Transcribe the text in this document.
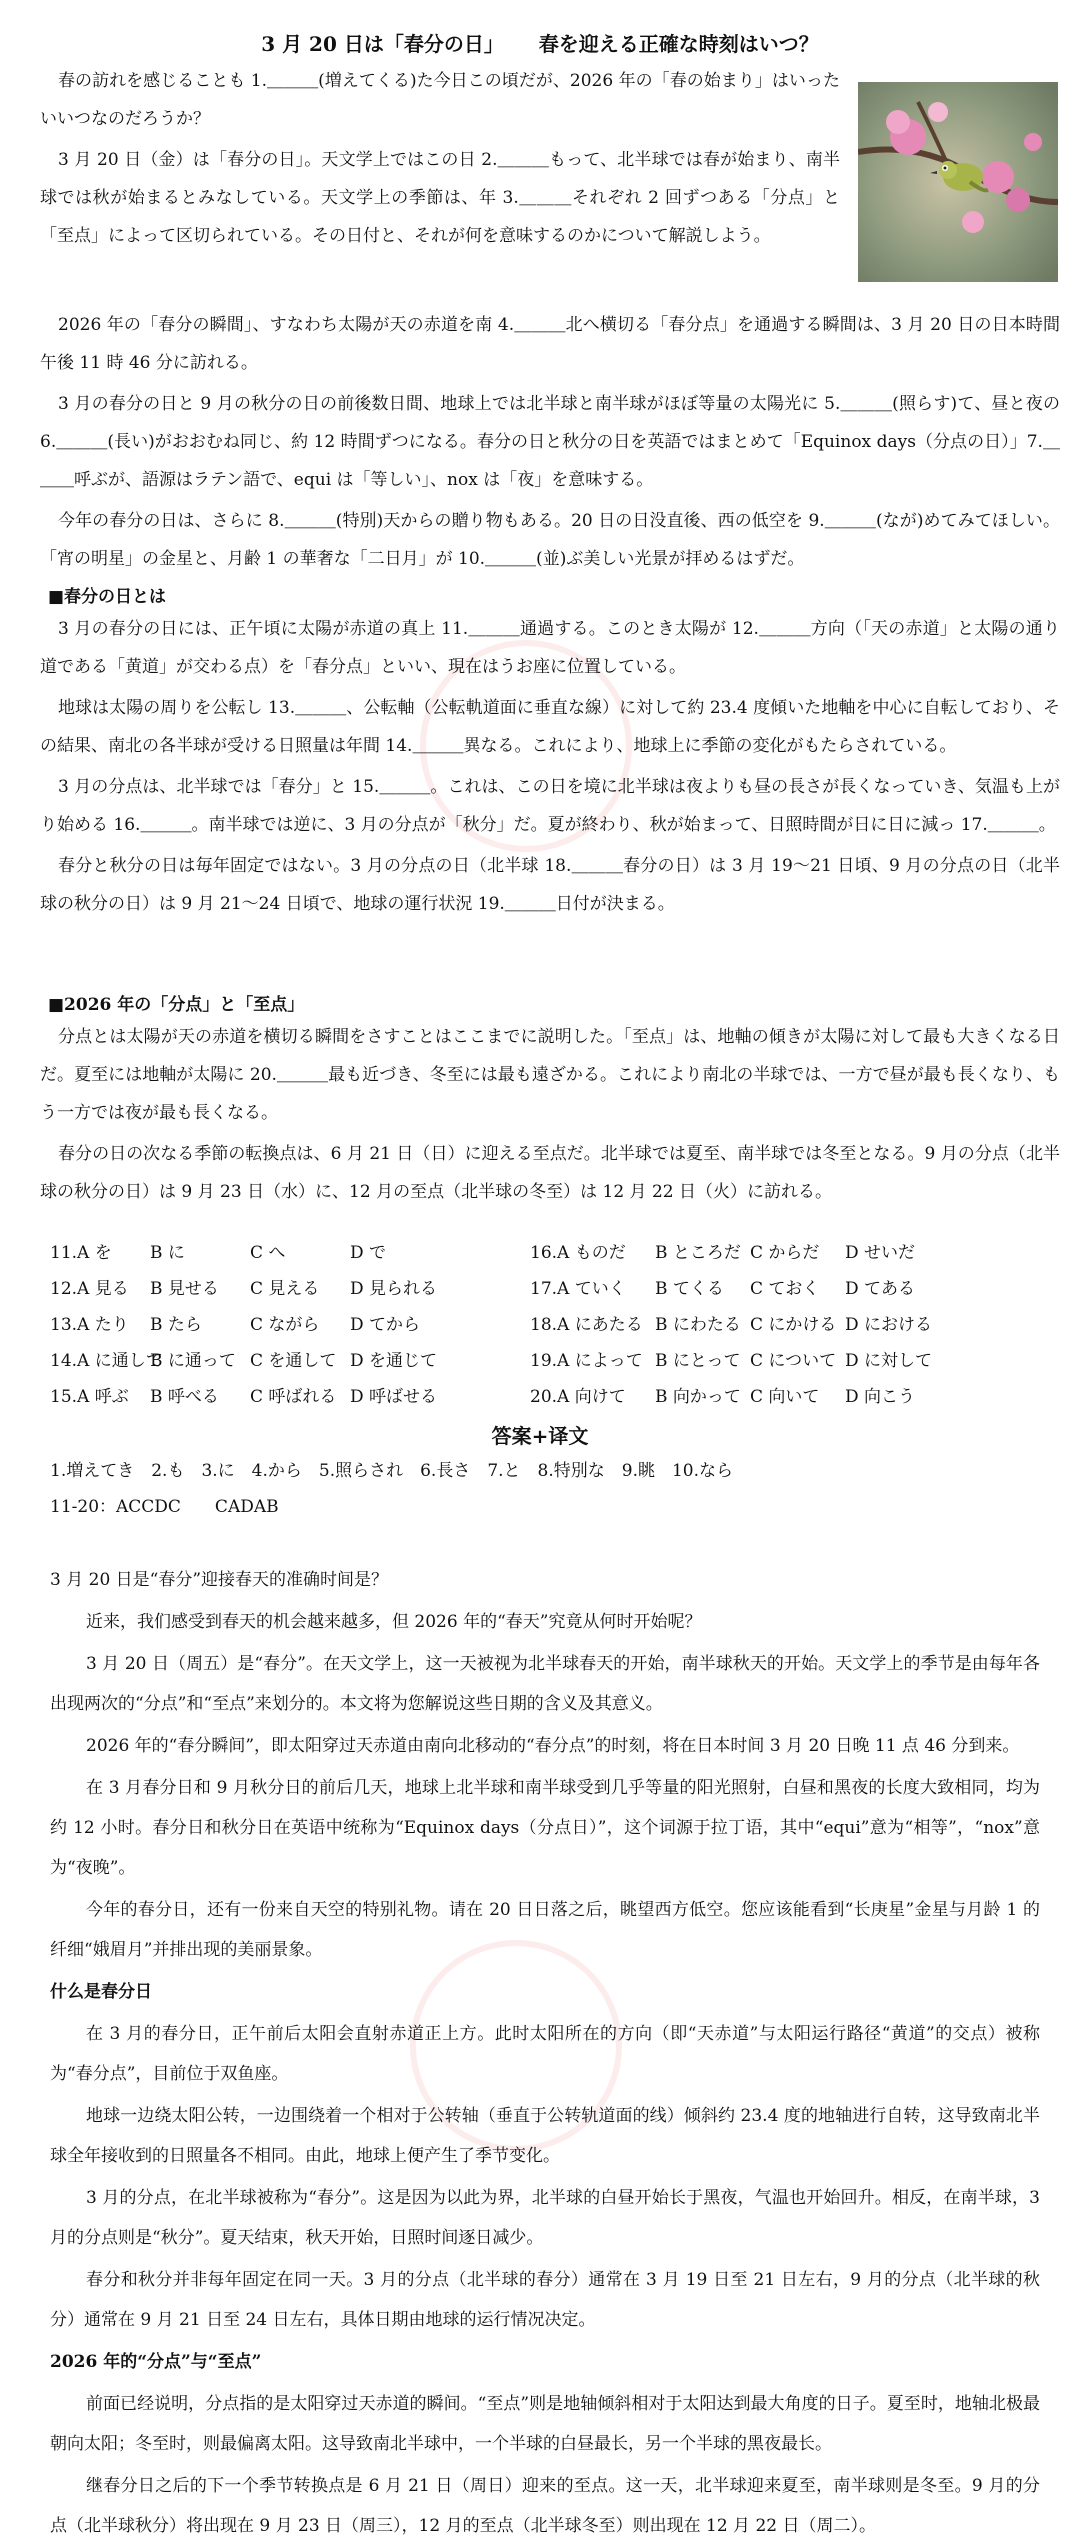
3 月 20 日は「春分の日」 春を迎える正確な時刻はいつ？

春の訪れを感じることも 1.＿＿＿(増えてくる)た今日この頃だが、2026 年の「春の始まり」はいったいいつなのだろうか？

3 月 20 日（金）は「春分の日」。天文学上ではこの日 2.＿＿＿もって、北半球では春が始まり、南半球では秋が始まるとみなしている。天文学上の季節は、年 3.＿＿＿それぞれ 2 回ずつある「分点」と「至点」によって区切られている。その日付と、それが何を意味するのかについて解説しよう。

2026 年の「春分の瞬間」、すなわち太陽が天の赤道を南 4.＿＿＿北へ横切る「春分点」を通過する瞬間は、3 月 20 日の日本時間午後 11 時 46 分に訪れる。

3 月の春分の日と 9 月の秋分の日の前後数日間、地球上では北半球と南半球がほぼ等量の太陽光に 5.＿＿＿(照らす)て、昼と夜の 6.＿＿＿(長い)がおおむね同じ、約 12 時間ずつになる。春分の日と秋分の日を英語ではまとめて「Equinox days（分点の日）」7.＿＿＿呼ぶが、語源はラテン語で、equi は「等しい」、nox は「夜」を意味する。

今年の春分の日は、さらに 8.＿＿＿(特別)天からの贈り物もある。20 日の日没直後、西の低空を 9.＿＿＿(なが)めてみてほしい。「宵の明星」の金星と、月齢 1 の華奢な「二日月」が 10.＿＿＿(並)ぶ美しい光景が拝めるはずだ。

■春分の日とは

3 月の春分の日には、正午頃に太陽が赤道の真上 11.＿＿＿通過する。このとき太陽が 12.＿＿＿方向（「天の赤道」と太陽の通り道である「黄道」が交わる点）を「春分点」といい、現在はうお座に位置している。

地球は太陽の周りを公転し 13.＿＿＿、公転軸（公転軌道面に垂直な線）に対して約 23.4 度傾いた地軸を中心に自転しており、その結果、南北の各半球が受ける日照量は年間 14.＿＿＿異なる。これにより、地球上に季節の変化がもたらされている。

3 月の分点は、北半球では「春分」と 15.＿＿＿。これは、この日を境に北半球は夜よりも昼の長さが長くなっていき、気温も上がり始める 16.＿＿＿。南半球では逆に、3 月の分点が「秋分」だ。夏が終わり、秋が始まって、日照時間が日に日に減っ 17.＿＿＿。

春分と秋分の日は毎年固定ではない。3 月の分点の日（北半球 18.＿＿＿春分の日）は 3 月 19〜21 日頃、9 月の分点の日（北半球の秋分の日）は 9 月 21〜24 日頃で、地球の運行状況 19.＿＿＿日付が決まる。

■2026 年の「分点」と「至点」

分点とは太陽が天の赤道を横切る瞬間をさすことはここまでに説明した。「至点」は、地軸の傾きが太陽に対して最も大きくなる日だ。夏至には地軸が太陽に 20.＿＿＿最も近づき、冬至には最も遠ざかる。これにより南北の半球では、一方で昼が最も長くなり、もう一方では夜が最も長くなる。

春分の日の次なる季節の転換点は、6 月 21 日（日）に迎える至点だ。北半球では夏至、南半球では冬至となる。9 月の分点（北半球の秋分の日）は 9 月 23 日（水）に、12 月の至点（北半球の冬至）は 12 月 22 日（火）に訪れる。

11.A を B に	C へ	D で	16.A ものだ B ところだ C からだ D せいだ
12.A 見る B 見せる C 見える D 見られる	17.A ていく B てくる C ておく D てある
13.A たり B たら	C ながら D てから	18.A にあたる B にわたる C にかける D における
14.A に通してB に通って C を通して D を通じて	19.A によって B にとって C について D に対して
15.A 呼ぶ B 呼べる C 呼ばれる D 呼ばせる	20.A 向けて B 向かって C 向いて D 向こう
答案+译文
1.増えてき　2.も　3.に　4.から　5.照らされ　6.長さ　7.と　8.特別な　9.眺　10.なら
11-20：ACCDC　　CADAB

3 月 20 日是“春分”迎接春天的准确时间是？

近来，我们感受到春天的机会越来越多，但 2026 年的“春天”究竟从何时开始呢？

3 月 20 日（周五）是“春分”。在天文学上，这一天被视为北半球春天的开始，南半球秋天的开始。天文学上的季节是由每年各出现两次的“分点”和“至点”来划分的。本文将为您解说这些日期的含义及其意义。

2026 年的“春分瞬间”，即太阳穿过天赤道由南向北移动的“春分点”的时刻，将在日本时间 3 月 20 日晚 11 点 46 分到来。

在 3 月春分日和 9 月秋分日的前后几天，地球上北半球和南半球受到几乎等量的阳光照射，白昼和黑夜的长度大致相同，均为约 12 小时。春分日和秋分日在英语中统称为“Equinox days（分点日）”，这个词源于拉丁语，其中“equi”意为“相等”，“nox”意为“夜晚”。

今年的春分日，还有一份来自天空的特别礼物。请在 20 日日落之后，眺望西方低空。您应该能看到“长庚星”金星与月龄 1 的纤细“娥眉月”并排出现的美丽景象。

什么是春分日

在 3 月的春分日，正午前后太阳会直射赤道正上方。此时太阳所在的方向（即“天赤道”与太阳运行路径“黄道”的交点）被称为“春分点”，目前位于双鱼座。

地球一边绕太阳公转，一边围绕着一个相对于公转轴（垂直于公转轨道面的线）倾斜约 23.4 度的地轴进行自转，这导致南北半球全年接收到的日照量各不相同。由此，地球上便产生了季节变化。

3 月的分点，在北半球被称为“春分”。这是因为以此为界，北半球的白昼开始长于黑夜，气温也开始回升。相反，在南半球，3 月的分点则是“秋分”。夏天结束，秋天开始，日照时间逐日减少。

春分和秋分并非每年固定在同一天。3 月的分点（北半球的春分）通常在 3 月 19 日至 21 日左右，9 月的分点（北半球的秋分）通常在 9 月 21 日至 24 日左右，具体日期由地球的运行情况决定。

2026 年的“分点”与“至点”

前面已经说明，分点指的是太阳穿过天赤道的瞬间。“至点”则是地轴倾斜相对于太阳达到最大角度的日子。夏至时，地轴北极最朝向太阳；冬至时，则最偏离太阳。这导致南北半球中，一个半球的白昼最长，另一个半球的黑夜最长。

继春分日之后的下一个季节转换点是 6 月 21 日（周日）迎来的至点。这一天，北半球迎来夏至，南半球则是冬至。9 月的分点（北半球秋分）将出现在 9 月 23 日（周三），12 月的至点（北半球冬至）则出现在 12 月 22 日（周二）。
